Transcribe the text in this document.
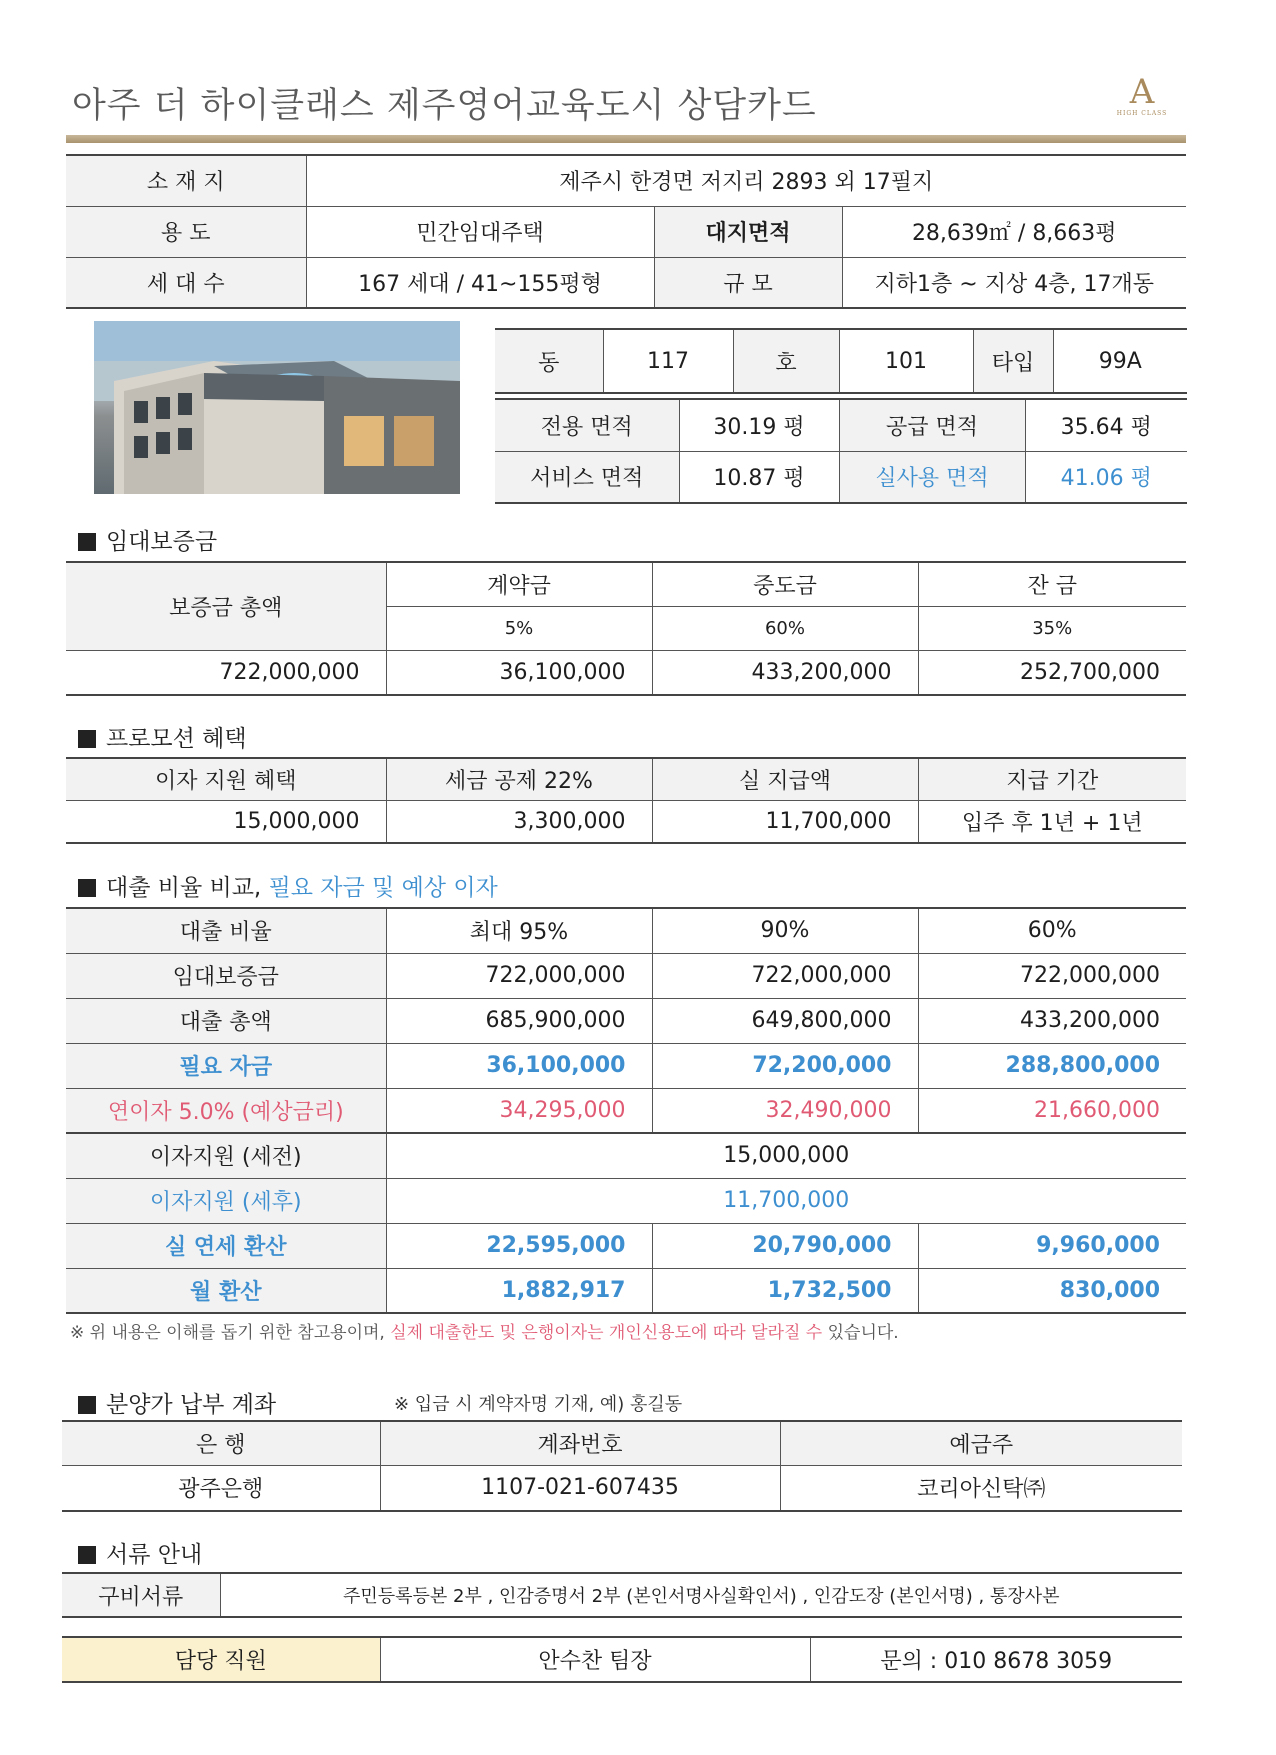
아주 더 하이클래스 제주영어교육도시 상담카드	A
HIGH CLASS
소 재 지	제주시 한경면 저지리 2893 외 17필지		
용 도	민간임대주택	대지면적	28,639㎡ / 8,663평
세 대 수	167 세대 / 41~155평형	규 모	지하1층 ~ 지상 4층, 17개동
동	117	호	101	타입	99A
전용 면적	30.19 평	공급 면적	35.64 평
서비스 면적	10.87 평	실사용 면적	41.06 평
임대보증금
보증금 총액	계약금	중도금	잔 금
	5%	60%	35%
722,000,000	36,100,000	433,200,000	252,700,000
프로모션 혜택
이자 지원 혜택	세금 공제 22%	실 지급액	지급 기간
15,000,000	3,300,000	11,700,000	입주 후 1년 + 1년
대출 비율 비교, 필요 자금 및 예상 이자
대출 비율	최대 95%	90%	60%
임대보증금	722,000,000	722,000,000	722,000,000
대출 총액	685,900,000	649,800,000	433,200,000
필요 자금	36,100,000	72,200,000	288,800,000
연이자 5.0% (예상금리)	34,295,000	32,490,000	21,660,000
이자지원 (세전)	15,000,000		
이자지원 (세후)	11,700,000		
실 연세 환산	22,595,000	20,790,000	9,960,000
월 환산	1,882,917	1,732,500	830,000
※ 위 내용은 이해를 돕기 위한 참고용이며, 실제 대출한도 및 은행이자는 개인신용도에 따라 달라질 수 있습니다.
분양가 납부 계좌	※ 입금 시 계약자명 기재, 예) 홍길동
은 행	계좌번호	예금주
광주은행	1107-021-607435	코리아신탁㈜
서류 안내
구비서류	주민등록등본 2부 , 인감증명서 2부 (본인서명사실확인서) , 인감도장 (본인서명) , 통장사본
담당 직원	안수찬 팀장	문의 : 010 8678 3059
